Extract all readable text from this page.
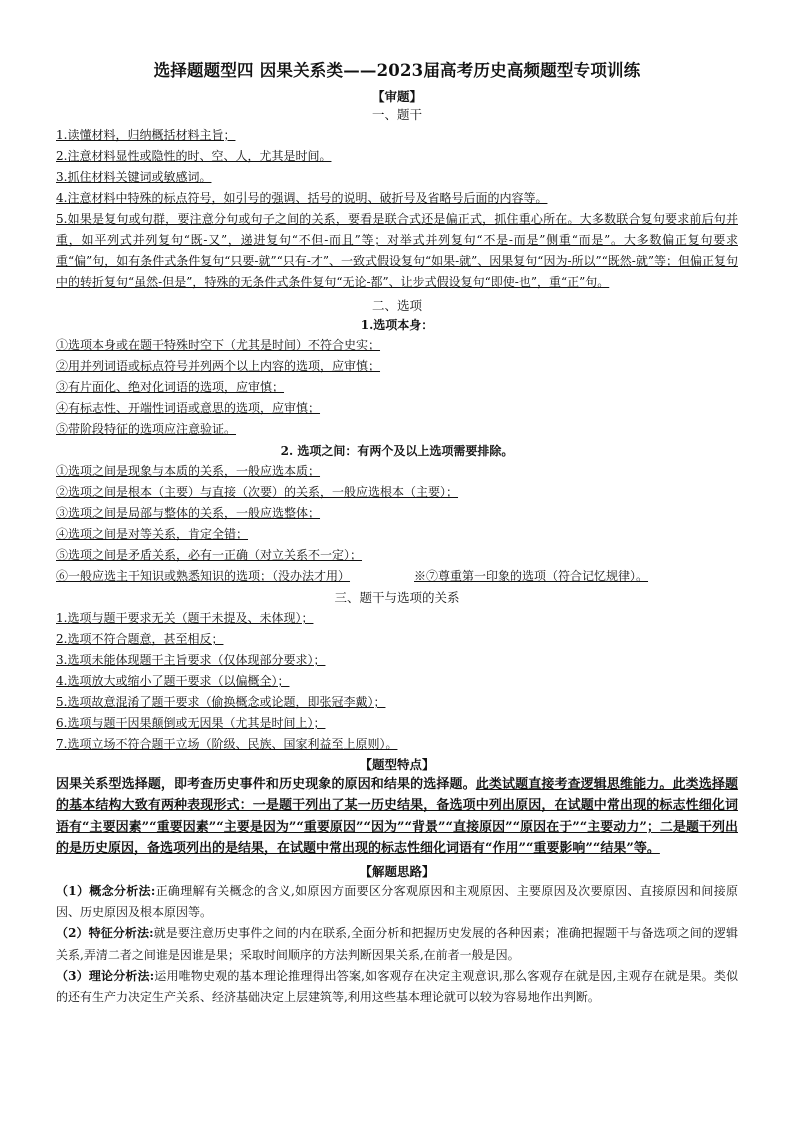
选择题题型四 因果关系类——2023届高考历史高频题型专项训练

【审题】

一、题干

1.读懂材料，归纳概括材料主旨；

2.注意材料显性或隐性的时、空、人，尤其是时间。

3.抓住材料关键词或敏感词。

4.注意材料中特殊的标点符号，如引号的强调、括号的说明、破折号及省略号后面的内容等。

5.如果是复句或句群，要注意分句或句子之间的关系，要看是联合式还是偏正式，抓住重心所在。大多数联合复句要求前后句并重，如平列式并列复句“既-又”，递进复句“不但-而且”等；对举式并列复句“不是-而是”侧重“而是”。大多数偏正复句要求重“偏”句，如有条件式条件复句“只要-就”“只有-才”、一致式假设复句“如果-就”、因果复句“因为-所以”“既然-就”等；但偏正复句中的转折复句“虽然-但是”，特殊的无条件式条件复句“无论-都”、让步式假设复句“即使-也”，重“正”句。

二、选项

1.选项本身：

①选项本身或在题干特殊时空下（尤其是时间）不符合史实；

②用并列词语或标点符号并列两个以上内容的选项，应审慎；

③有片面化、绝对化词语的选项，应审慎；

④有标志性、开端性词语或意思的选项，应审慎；

⑤带阶段特征的选项应注意验证。

2. 选项之间：有两个及以上选项需要排除。

①选项之间是现象与本质的关系，一般应选本质；

②选项之间是根本（主要）与直接（次要）的关系，一般应选根本（主要）；

③选项之间是局部与整体的关系，一般应选整体；

④选项之间是对等关系，肯定全错；

⑤选项之间是矛盾关系，必有一正确（对立关系不一定）；

⑥一般应选主干知识或熟悉知识的选项；（没办法才用）	※⑦尊重第一印象的选项（符合记忆规律）。

三、题干与选项的关系

1.选项与题干要求无关（题干未提及、未体现）；

2.选项不符合题意，甚至相反；

3.选项未能体现题干主旨要求（仅体现部分要求）；

4.选项放大或缩小了题干要求（以偏概全）；

5.选项故意混淆了题干要求（偷换概念或论题，即张冠李戴）；

6.选项与题干因果颠倒或无因果（尤其是时间上）；

7.选项立场不符合题干立场（阶级、民族、国家利益至上原则）。

【题型特点】

因果关系型选择题，即考查历史事件和历史现象的原因和结果的选择题。此类试题直接考查逻辑思维能力。此类选择题的基本结构大致有两种表现形式：一是题干列出了某一历史结果，备选项中列出原因，在试题中常出现的标志性细化词语有“主要因素”“重要因素”“主要是因为”“重要原因”“因为”“背景”“直接原因”“原因在于”“主要动力”；二是题干列出的是历史原因，备选项列出的是结果，在试题中常出现的标志性细化词语有“作用”“重要影响”“结果”等。

【解题思路】

（1）概念分析法:正确理解有关概念的含义,如原因方面要区分客观原因和主观原因、主要原因及次要原因、直接原因和间接原因、历史原因及根本原因等。

（2）特征分析法:就是要注意历史事件之间的内在联系,全面分析和把握历史发展的各种因素；准确把握题干与备选项之间的逻辑关系,弄清二者之间谁是因谁是果；采取时间顺序的方法判断因果关系,在前者一般是因。

（3）理论分析法:运用唯物史观的基本理论推理得出答案,如客观存在决定主观意识,那么客观存在就是因,主观存在就是果。类似的还有生产力决定生产关系、经济基础决定上层建筑等,利用这些基本理论就可以较为容易地作出判断。
